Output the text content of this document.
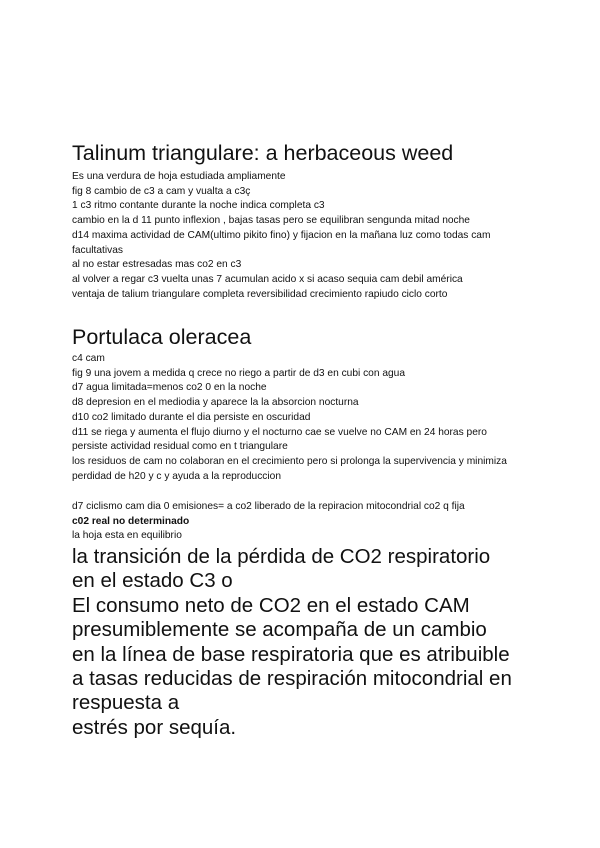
Talinum triangulare: a herbaceous weed

Es una verdura de hoja estudiada ampliamente

fig 8 cambio de c3 a cam y vualta a c3ç

1 c3 ritmo contante durante la noche indica completa c3

cambio en la d 11 punto inflexion , bajas tasas pero se equilibran sengunda mitad noche

d14 maxima actividad de CAM(ultimo pikito fino) y fijacion en la mañana luz como todas cam facultativas

al no estar estresadas mas co2 en c3

al volver a regar c3 vuelta unas 7 acumulan acido x si acaso sequia cam debil américa

ventaja de talium triangulare completa reversibilidad crecimiento rapiudo ciclo corto

Portulaca oleracea

c4 cam

fig 9 una jovem a medida q crece no riego a partir de d3 en cubi con agua

d7 agua limitada=menos co2 0 en la noche

d8 depresion en el mediodia y aparece la la absorcion nocturna

d10 co2 limitado durante el dia persiste en oscuridad

d11 se riega y aumenta el flujo diurno y el nocturno cae se vuelve no CAM en 24 horas pero persiste actividad residual como en t triangulare

los residuos de cam no colaboran en el crecimiento pero si prolonga la supervivencia y minimiza perdidad de h20 y c y ayuda a la reproduccion

d7 ciclismo cam dia 0 emisiones= a co2 liberado de la repiracion mitocondrial co2 q fija

c02 real no determinado

la hoja esta en equilibrio

la transición de la pérdida de CO2 respiratorio

en el estado C3 o

El consumo neto de CO2 en el estado CAM

presumiblemente se acompaña de un cambio

en la línea de base respiratoria que es atribuible

a tasas reducidas de respiración mitocondrial en

respuesta a

estrés por sequía.
